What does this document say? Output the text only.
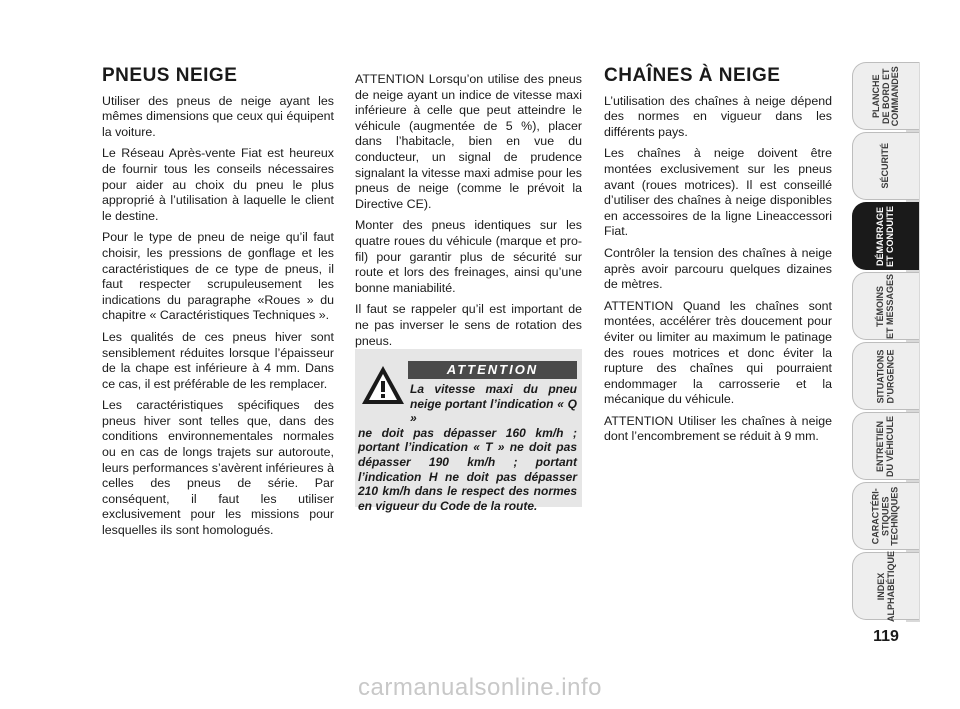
PNEUS NEIGE

Utiliser des pneus de neige ayant les mêmes dimensions que ceux qui équipent la voiture.

Le Réseau Après-vente Fiat est heureux de fournir tous les conseils nécessaires pour aider au choix du pneu le plus approprié à l’utilisation à laquelle le client le destine.

Pour le type de pneu de neige qu’il faut choisir, les pressions de gonflage et les caractéristiques de ce type de pneus, il faut respecter scrupuleusement les indications du paragraphe «Roues » du chapitre « Caractéristiques Techniques ».

Les qualités de ces pneus hiver sont sensiblement réduites lorsque l’épaisseur de la chape est inférieure à 4 mm. Dans ce cas, il est préférable de les remplacer.

Les caractéristiques spécifiques des pneus hiver sont telles que, dans des conditions environnementales normales ou en cas de longs trajets sur autoroute, leurs performances s’avèrent inférieures à celles des pneus de série. Par conséquent, il faut les utiliser exclusivement pour les missions pour lesquelles ils sont homologués.

ATTENTION Lorsqu’on utilise des pneus de neige ayant un indice de vitesse maxi inférieure à celle que peut atteindre le véhicule (augmentée de 5 %), placer dans l’habitacle, bien en vue du conducteur, un signal de prudence signalant la vitesse maxi admise pour les pneus de neige (comme le prévoit la Directive CE).

Monter des pneus identiques sur les quatre roues du véhicule (marque et pro-fil) pour garantir plus de sécurité sur route et lors des freinages, ainsi qu’une bonne maniabilité.

Il faut se rappeler qu’il est important de ne pas inverser le sens de rotation des pneus.

ATTENTION
La vitesse maxi du pneu neige portant l’indication « Q »
ne doit pas dépasser 160 km/h ; portant l’indication « T » ne doit pas dépasser 190 km/h ; portant l’indication H ne doit pas dépasser 210 km/h dans le respect des normes en vigueur du Code de la route.
CHAÎNES À NEIGE

L’utilisation des chaînes à neige dépend des normes en vigueur dans les différents pays.

Les chaînes à neige doivent être montées exclusivement sur les pneus avant (roues motrices). Il est conseillé d’utiliser des chaînes à neige disponibles en accessoires de la ligne Lineaccessori Fiat.

Contrôler la tension des chaînes à neige après avoir parcouru quelques dizaines de mètres.

ATTENTION Quand les chaînes sont montées, accélérer très doucement pour éviter ou limiter au maximum le patinage des roues motrices et donc éviter la rupture des chaînes qui pourraient endommager la carrosserie et la mécanique du véhicule.

ATTENTION Utiliser les chaînes à neige dont l’encombrement se réduit à 9 mm.

PLANCHE
DE BORD ET
COMMANDES
SÉCURITÉ
DÉMARRAGE
ET CONDUITE
TÉMOINS
ET MESSAGES
SITUATIONS
D’URGENCE
ENTRETIEN
DU VÉHICULE
CARACTÉRI-
STIQUES
TECHNIQUES
INDEX
ALPHABÉTIQUE
119
carmanualsonline.info
